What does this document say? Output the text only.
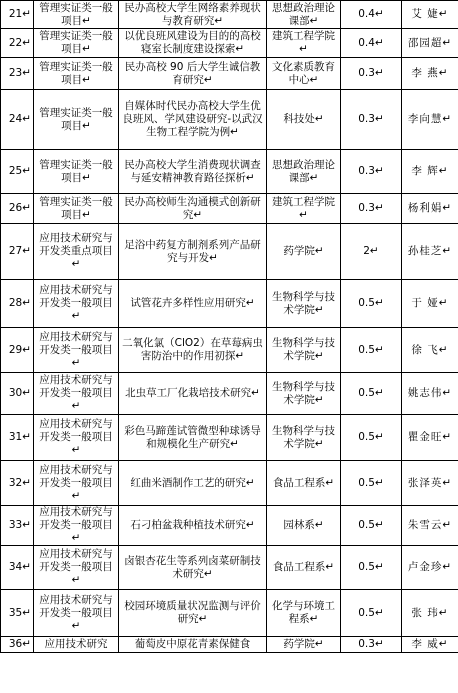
21↵	管理实证类一般项目↵	民办高校大学生网络素养现状与教育研究↵	思想政治理论课部↵	0.4↵	艾 婕↵
22↵	管理实证类一般项目↵	以优良班风建设为目的的高校寝室长制度建设探索↵	建筑工程学院↵	0.4↵	邵园超↵
23↵	管理实证类一般项目↵	民办高校 90 后大学生诚信教育研究↵	文化素质教育中心↵	0.3↵	李 燕↵
24↵	管理实证类一般项目↵	自媒体时代民办高校大学生优良班风、学风建设研究-以武汉生物工程学院为例↵	科技处↵	0.3↵	李向慧↵
25↵	管理实证类一般项目↵	民办高校大学生消费现状调查与延安精神教育路径探析↵	思想政治理论课部↵	0.3↵	李 辉↵
26↵	管理实证类一般项目↵	民办高校师生沟通模式创新研究↵	建筑工程学院↵	0.3↵	杨利娟↵
27↵	应用技术研究与开发类重点项目↵	足浴中药复方制剂系列产品研究与开发↵	药学院↵	2↵	孙桂芝↵
28↵	应用技术研究与开发类一般项目↵	试管花卉多样性应用研究↵	生物科学与技术学院↵	0.5↵	于 娅↵
29↵	应用技术研究与开发类一般项目↵	二氧化氯（ClO2）在草莓病虫害防治中的作用初探↵	生物科学与技术学院↵	0.5↵	徐 飞↵
30↵	应用技术研究与开发类一般项目↵	北虫草工厂化栽培技术研究↵	生物科学与技术学院↵	0.5↵	姚志伟↵
31↵	应用技术研究与开发类一般项目↵	彩色马蹄莲试管微型种球诱导和规模化生产研究↵	生物科学与技术学院↵	0.5↵	瞿金旺↵
32↵	应用技术研究与开发类一般项目↵	红曲米酒制作工艺的研究↵	食品工程系↵	0.5↵	张泽英↵
33↵	应用技术研究与开发类一般项目↵	石刁柏盆栽种植技术研究↵	园林系↵	0.5↵	朱雪云↵
34↵	应用技术研究与开发类一般项目↵	卤银杏花生等系列卤菜研制技术研究↵	食品工程系↵	0.5↵	卢金珍↵
35↵	应用技术研究与开发类一般项目↵	校园环境质量状况监测与评价研究↵	化学与环境工程系↵	0.5↵	张 玮↵
36↵	应用技术研究	葡萄皮中原花青素保健食	药学院↵	0.3↵	李 威↵
